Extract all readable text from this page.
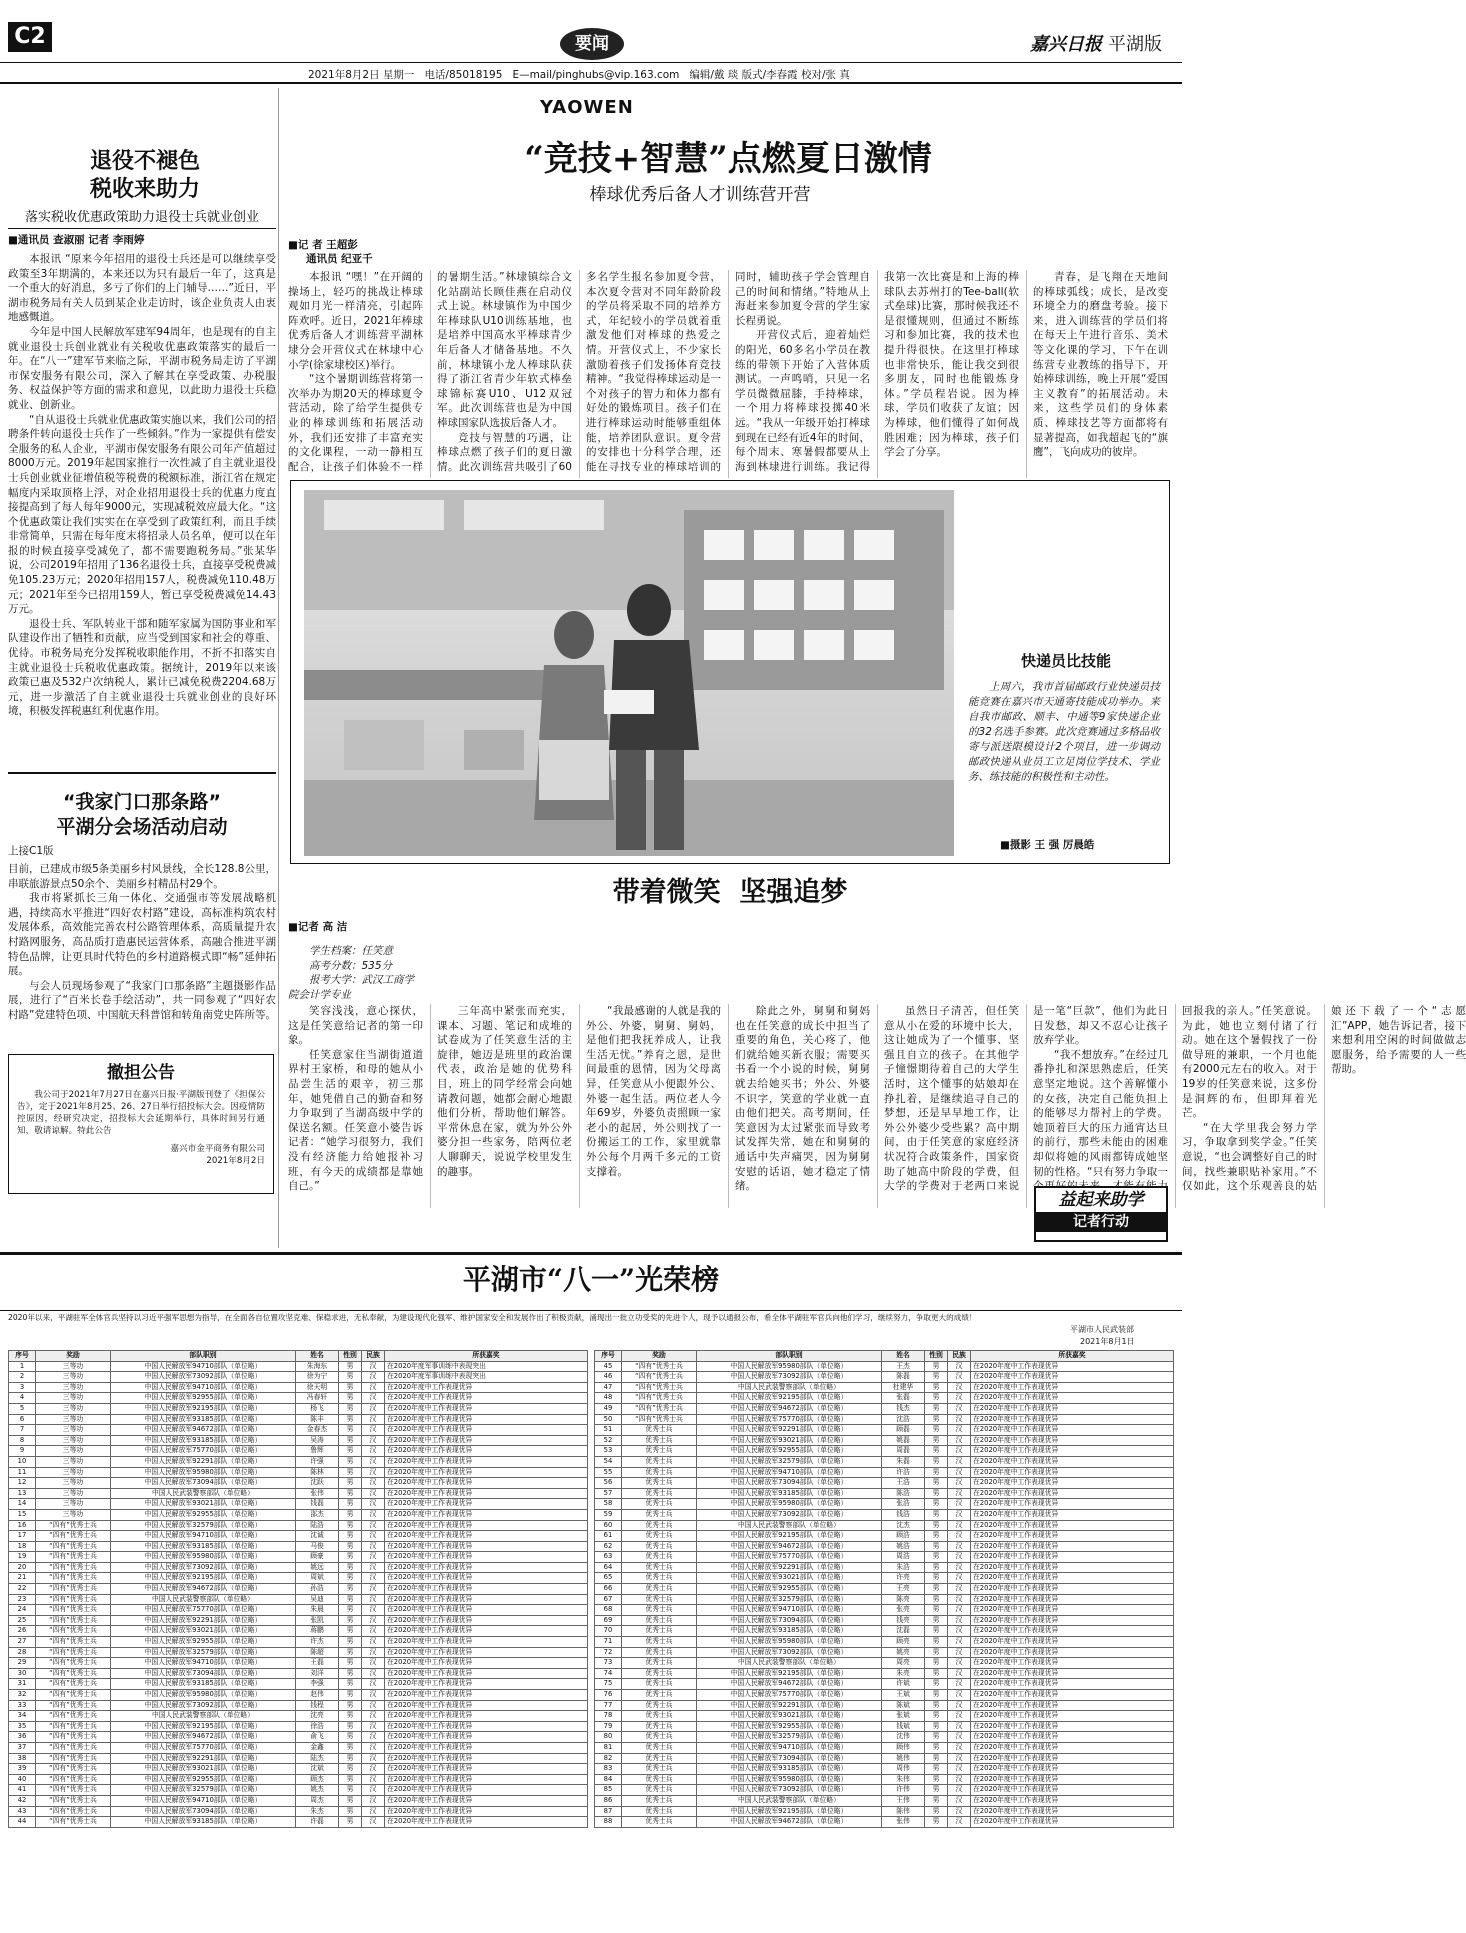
C2	要闻	嘉兴日报 平湖版
2021年8月2日 星期一 电话/85018195 E—mail/pinghubs@vip.163.com 编辑/戴 琰 版式/李春霞 校对/张 真
YAOWEN
退役不褪色
税收来助力
落实税收优惠政策助力退役士兵就业创业
■通讯员 查淑丽 记者 李雨婷

本报讯 “原来今年招用的退役士兵还是可以继续享受政策至3年期满的，本来还以为只有最后一年了，这真是一个重大的好消息，多亏了你们的上门辅导……”近日，平湖市税务局有关人员到某企业走访时，该企业负责人由衷地感慨道。

今年是中国人民解放军建军94周年，也是现有的自主就业退役士兵创业就业有关税收优惠政策落实的最后一年。在“八一”建军节来临之际，平湖市税务局走访了平湖市保安服务有限公司，深入了解其在享受政策、办税服务、权益保护等方面的需求和意见，以此助力退役士兵稳就业、创新业。

“自从退役士兵就业优惠政策实施以来，我们公司的招聘条件转向退役士兵作了一些倾斜。”作为一家提供有偿安全服务的私人企业，平湖市保安服务有限公司年产值超过8000万元。2019年起国家推行一次性减了自主就业退役士兵创业就业征增值税等税费的税额标准，浙江省在规定幅度内采取顶格上浮，对企业招用退役士兵的优惠力度直接提高到了每人每年9000元，实现减税效应最大化。“这个优惠政策让我们实实在在享受到了政策红利，而且手续非常简单，只需在每年度末将招录人员名单，便可以在年报的时候直接享受减免了，都不需要跑税务局。”张某华说，公司2019年招用了136名退役士兵，直接享受税费减免105.23万元；2020年招用157人，税费减免110.48万元；2021年至今已招用159人，暂已享受税费减免14.43万元。

退役士兵、军队转业干部和随军家属为国防事业和军队建设作出了牺牲和贡献，应当受到国家和社会的尊重、优待。市税务局充分发挥税收职能作用，不折不扣落实自主就业退役士兵税收优惠政策。据统计，2019年以来该政策已惠及532户次纳税人，累计已减免税费2204.68万元，进一步激活了自主就业退役士兵就业创业的良好环境，积极发挥税惠红利优惠作用。

“我家门口那条路”
平湖分会场活动启动
上接C1版

目前，已建成市级5条美丽乡村风景线，全长128.8公里，串联旅游景点50余个、美丽乡村精品村29个。

我市将紧抓长三角一体化、交通强市等发展战略机遇，持续高水平推进“四好农村路”建设，高标准构筑农村发展体系，高效能完善农村公路管理体系，高质量提升农村路网服务，高品质打造惠民运营体系，高融合推进平湖特色品牌，让更具时代特色的乡村道路模式即“畅”延伸拓展。

与会人员现场参观了“我家门口那条路”主题摄影作品展，进行了“百米长卷手绘活动”，共一同参观了“四好农村路”党建特色项、中国航天科普馆和转角南党史阵所等。

撤担公告
我公司于2021年7月27日在嘉兴日报·平湖版刊登了《担保公告》，定于2021年8月25、26、27日举行招投标大会。因疫情防控原因，经研究决定，招投标大会延期举行，具体时间另行通知，敬请谅解。特此公告
嘉兴市金平商务有限公司
2021年8月2日
“竞技+智慧”点燃夏日激情
棒球优秀后备人才训练营开营
■记 者 王超彭
通讯员 纪亚千

本报讯 “嘿！”在开阔的操场上，轻巧的挑战让棒球观如月光一样清亮，引起阵阵欢呼。近日，2021年棒球优秀后备人才训练营平湖林埭分会开营仪式在林埭中心小学(徐家埭校区)举行。

“这个暑期训练营将第一次举办为期20天的棒球夏令营活动，除了给学生提供专业的棒球训练和拓展活动外，我们还安排了丰富充实的文化课程，一动一静相互配合，让孩子们体验不一样的暑期生活。”林埭镇综合文化站副站长顾佳燕在启动仪式上说。林埭镇作为中国少年棒球队U10训练基地，也是培养中国高水平棒球青少年后备人才储备基地。不久前，林埭镇小龙人棒球队获得了浙江省青少年软式棒垒球锦标赛U10、U12双冠军。此次训练营也是为中国棒球国家队选拔后备人才。

竞技与智慧的巧遇，让棒球点燃了孩子们的夏日激情。此次训练营共吸引了60多名学生报名参加夏令营，本次夏令营对不同年龄阶段的学员将采取不同的培养方式，年纪较小的学员就着重激发他们对棒球的热爱之情。开营仪式上，不少家长激励着孩子们发扬体育竞技精神。“我觉得棒球运动是一个对孩子的智力和体力都有好处的锻炼项目。孩子们在进行棒球运动时能够重组体能，培养团队意识。夏令营的安排也十分科学合理，还能在寻找专业的棒球培训的同时，辅助孩子学会管理自己的时间和情绪。”特地从上海赶来参加夏令营的学生家长程勇说。

开营仪式后，迎着灿烂的阳光，60多名小学员在教练的带领下开始了入营体质测试。一声鸣哨，只见一名学员微微屈膝，手持棒球，一个用力将棒球投掷40米远。“我从一年级开始打棒球到现在已经有近4年的时间，每个周末、寒暑假都要从上海到林埭进行训练。我记得我第一次比赛是和上海的棒球队去苏州打的Tee-ball(软式垒球)比赛，那时候我还不是很懂规则，但通过不断练习和参加比赛，我的技术也提升得很快。在这里打棒球也非常快乐，能让我交到很多朋友，同时也能锻炼身体。”学员程岩说。因为棒球，学员们收获了友谊；因为棒球，他们懂得了如何战胜困难；因为棒球，孩子们学会了分享。

青春，是飞翔在天地间的棒球弧线；成长，是改变环境全力的磨盘考验。接下来，进入训练营的学员们将在每天上午进行音乐、美术等文化课的学习，下午在训练营专业教练的指导下，开始棒球训练，晚上开展“爱国主义教育”的拓展活动。未来，这些学员们的身体素质、棒球技艺等方面都将有显著提高，如我超起飞的“旗鹰”，飞向成功的彼岸。

快递员比技能
上周六，我市首届邮政行业快递员技能竞赛在嘉兴市天通寄技能成功举办。来自我市邮政、顺丰、中通等9家快递企业的32名选手参赛。此次竞赛通过多格品收寄与派送限模设计2个项目，进一步调动邮政快递从业员工立足岗位学技术、学业务、练技能的积极性和主动性。
■摄影 王 强 厉晨皓
带着微笑  坚强追梦
■记者 高 洁
学生档案：任笑意
高考分数：535分
报考大学：武汉工商学院会计学专业

笑容浅浅，意心探伏，这是任笑意给记者的第一印象。

任笑意家住当湖街道道界村王家桥，和母的她从小品尝生活的艰辛，初三那年，她凭借自己的勤奋和努力争取到了当湖高级中学的保送名额。任笑意小婆告诉记者：“她学习很努力，我们没有经济能力给她报补习班，有今天的成绩都是靠她自己。”

三年高中紧张而充实，课本、习题、笔记和成堆的试卷成为了任笑意生活的主旋律，她迈是班里的政治课代表，政治是她的优势科目，班上的同学经常会向她请教问题，她都会耐心地跟他们分析，帮助他们解答。平常休息在家，就为外公外婆分担一些家务，陪两位老人聊聊天，说说学校里发生的趣事。

“我最感谢的人就是我的外公、外婆，舅舅、舅妈，是他们把我抚养成人，让我生活无忧。”养育之恩，是世间最重的恩情，因为父母离异，任笑意从小便跟外公、外婆一起生活。两位老人今年69岁，外婆负责照顾一家老小的起居，外公则找了一份搬运工的工作，家里就靠外公每个月两千多元的工资支撑着。

除此之外，舅舅和舅妈也在任笑意的成长中担当了重要的角色，关心疼了，他们就给她买新衣服；需要买书看一个小说的时候，舅舅就去给她买书；外公、外婆不识字，笑意的学业就一直由他们把关。高考期间，任笑意因为太过紧张而导致考试发挥失常，她在和舅舅的通话中失声痛哭，因为舅舅安慰的话语，她才稳定了情绪。

虽然日子清苦，但任笑意从小在爱的环境中长大，这让她成为了一个懂事、坚强且自立的孩子。在其他学子憧憬期待着自己的大学生活时，这个懂事的姑娘却在挣扎着，是继续追寻自己的梦想，还是早早地工作，让外公外婆少受些累？高中期间，由于任笑意的家庭经济状况符合政策条件，国家资助了她高中阶段的学费，但大学的学费对于老两口来说是一笔“巨款”，他们为此日日发愁，却又不忍心让孩子放弃学业。

“我不想放弃。”在经过几番挣扎和深思熟虑后，任笑意坚定地说。这个善解懂小的女孩，决定自己能负担上的能够尽力帮衬上的学费。她顶着巨大的压力通宵达旦的前行，那些未能由的困难却似将她的风雨都铸成她坚韧的性格。“只有努力争取一 回报我的亲人。”任笑意说。为此，她也立刻付诸了行动。她在这个暑假找了一份做导班的兼职，一个月也能有2000元左右的收入。对于19岁的任笑意来说，这多份是洞辉的布，但即拜着光芒。

“在大学里我会努力学习，争取拿到奖学金。”任笑意说，“也会调整好自己的时间，找些兼职贴补家用。”不仅如此，这个乐观善良的姑娘还下载了一个“志愿汇”APP，她告诉记者，接下来想利用空闲的时间做做志愿服务，给予需要的人一些帮助。

益起来助学
记者行动
平湖市“八一”光荣榜
2020年以来，平湖驻军全体官兵坚持以习近平强军思想为指导，在全面各自位置攻坚克难、保稳求进，无私奉献，为建设现代化强军、维护国家安全和发展作出了积极贡献，涌现出一批立功受奖的先进个人，现予以通报公布，希全体平湖驻军官兵向他们学习，继续努力，争取更大的成绩！
平湖市人民武装部
2021年8月1日
序号	奖励	部队职别	姓名	性别	民族	所获嘉奖
1	三等功	中国人民解放军94710部队（单位略）	朱海东	男	汉	在2020年度军事训练中表现突出
2	三等功	中国人民解放军73092部队（单位略）	徐为宁	男	汉	在2020年度军事训练中表现突出
3	三等功	中国人民解放军94710部队（单位略）	徐天明	男	汉	在2020年度中工作表现优异
4	三等功	中国人民解放军92955部队（单位略）	冯春轩	男	汉	在2020年度中工作表现优异
5	三等功	中国人民解放军92195部队（单位略）	杨飞	男	汉	在2020年度中工作表现优异
6	三等功	中国人民解放军93185部队（单位略）	陈丰	男	汉	在2020年度中工作表现优异
7	三等功	中国人民解放军94672部队（单位略）	金春杰	男	汉	在2020年度中工作表现优异
8	三等功	中国人民解放军93185部队（单位略）	吴涛	男	汉	在2020年度中工作表现优异
9	三等功	中国人民解放军75770部队（单位略）	鲁辉	男	汉	在2020年度中工作表现优异
10	三等功	中国人民解放军92291部队（单位略）	许强	男	汉	在2020年度中工作表现优异
11	三等功	中国人民解放军95980部队（单位略）	陈林	男	汉	在2020年度中工作表现优异
12	三等功	中国人民解放军73094部队（单位略）	沈跃	男	汉	在2020年度中工作表现优异
13	三等功	中国人民武装警察部队（单位略）	张伟	男	汉	在2020年度中工作表现优异
14	三等功	中国人民解放军93021部队（单位略）	钱磊	男	汉	在2020年度中工作表现优异
15	三等功	中国人民解放军92955部队（单位略）	邵杰	男	汉	在2020年度中工作表现优异
16	“四有”优秀士兵	中国人民解放军32579部队（单位略）	陆浩	男	汉	在2020年度中工作表现优异
17	“四有”优秀士兵	中国人民解放军94710部队（单位略）	沈诚	男	汉	在2020年度中工作表现优异
18	“四有”优秀士兵	中国人民解放军93185部队（单位略）	马俊	男	汉	在2020年度中工作表现优异
19	“四有”优秀士兵	中国人民解放军95980部队（单位略）	顾豪	男	汉	在2020年度中工作表现优异
20	“四有”优秀士兵	中国人民解放军73092部队（单位略）	姚远	男	汉	在2020年度中工作表现优异
21	“四有”优秀士兵	中国人民解放军92195部队（单位略）	周斌	男	汉	在2020年度中工作表现优异
22	“四有”优秀士兵	中国人民解放军94672部队（单位略）	孙浩	男	汉	在2020年度中工作表现优异
23	“四有”优秀士兵	中国人民武装警察部队（单位略）	吴迪	男	汉	在2020年度中工作表现优异
24	“四有”优秀士兵	中国人民解放军75770部队（单位略）	朱晨	男	汉	在2020年度中工作表现优异
25	“四有”优秀士兵	中国人民解放军92291部队（单位略）	张凯	男	汉	在2020年度中工作表现优异
26	“四有”优秀士兵	中国人民解放军93021部队（单位略）	蒋鹏	男	汉	在2020年度中工作表现优异
27	“四有”优秀士兵	中国人民解放军92955部队（单位略）	许杰	男	汉	在2020年度中工作表现优异
28	“四有”优秀士兵	中国人民解放军32579部队（单位略）	陈超	男	汉	在2020年度中工作表现优异
29	“四有”优秀士兵	中国人民解放军94710部队（单位略）	王磊	男	汉	在2020年度中工作表现优异
30	“四有”优秀士兵	中国人民解放军73094部队（单位略）	刘洋	男	汉	在2020年度中工作表现优异
31	“四有”优秀士兵	中国人民解放军93185部队（单位略）	李强	男	汉	在2020年度中工作表现优异
32	“四有”优秀士兵	中国人民解放军95980部队（单位略）	赵伟	男	汉	在2020年度中工作表现优异
33	“四有”优秀士兵	中国人民解放军73092部队（单位略）	钱程	男	汉	在2020年度中工作表现优异
34	“四有”优秀士兵	中国人民武装警察部队（单位略）	沈亮	男	汉	在2020年度中工作表现优异
35	“四有”优秀士兵	中国人民解放军92195部队（单位略）	徐浩	男	汉	在2020年度中工作表现优异
36	“四有”优秀士兵	中国人民解放军94672部队（单位略）	俞飞	男	汉	在2020年度中工作表现优异
37	“四有”优秀士兵	中国人民解放军75770部队（单位略）	金鑫	男	汉	在2020年度中工作表现优异
38	“四有”优秀士兵	中国人民解放军92291部队（单位略）	陆杰	男	汉	在2020年度中工作表现优异
39	“四有”优秀士兵	中国人民解放军93021部队（单位略）	沈斌	男	汉	在2020年度中工作表现优异
40	“四有”优秀士兵	中国人民解放军92955部队（单位略）	顾杰	男	汉	在2020年度中工作表现优异
41	“四有”优秀士兵	中国人民解放军32579部队（单位略）	姚杰	男	汉	在2020年度中工作表现优异
42	“四有”优秀士兵	中国人民解放军94710部队（单位略）	周杰	男	汉	在2020年度中工作表现优异
43	“四有”优秀士兵	中国人民解放军73094部队（单位略）	朱杰	男	汉	在2020年度中工作表现优异
44	“四有”优秀士兵	中国人民解放军93185部队（单位略）	许磊	男	汉	在2020年度中工作表现优异
序号	奖励	部队职别	姓名	性别	民族	所获嘉奖
45	“四有”优秀士兵	中国人民解放军95980部队（单位略）	王杰	男	汉	在2020年度中工作表现优异
46	“四有”优秀士兵	中国人民解放军73092部队（单位略）	陈磊	男	汉	在2020年度中工作表现优异
47	“四有”优秀士兵	中国人民武装警察部队（单位略）	杜建华	男	汉	在2020年度中工作表现优异
48	“四有”优秀士兵	中国人民解放军92195部队（单位略）	张磊	男	汉	在2020年度中工作表现优异
49	“四有”优秀士兵	中国人民解放军94672部队（单位略）	钱杰	男	汉	在2020年度中工作表现优异
50	“四有”优秀士兵	中国人民解放军75770部队（单位略）	沈浩	男	汉	在2020年度中工作表现优异
51	优秀士兵	中国人民解放军92291部队（单位略）	顾磊	男	汉	在2020年度中工作表现优异
52	优秀士兵	中国人民解放军93021部队（单位略）	姚磊	男	汉	在2020年度中工作表现优异
53	优秀士兵	中国人民解放军92955部队（单位略）	周磊	男	汉	在2020年度中工作表现优异
54	优秀士兵	中国人民解放军32579部队（单位略）	朱磊	男	汉	在2020年度中工作表现优异
55	优秀士兵	中国人民解放军94710部队（单位略）	许浩	男	汉	在2020年度中工作表现优异
56	优秀士兵	中国人民解放军73094部队（单位略）	王浩	男	汉	在2020年度中工作表现优异
57	优秀士兵	中国人民解放军93185部队（单位略）	陈浩	男	汉	在2020年度中工作表现优异
58	优秀士兵	中国人民解放军95980部队（单位略）	张浩	男	汉	在2020年度中工作表现优异
59	优秀士兵	中国人民解放军73092部队（单位略）	钱浩	男	汉	在2020年度中工作表现优异
60	优秀士兵	中国人民武装警察部队（单位略）	沈杰	男	汉	在2020年度中工作表现优异
61	优秀士兵	中国人民解放军92195部队（单位略）	顾浩	男	汉	在2020年度中工作表现优异
62	优秀士兵	中国人民解放军94672部队（单位略）	姚浩	男	汉	在2020年度中工作表现优异
63	优秀士兵	中国人民解放军75770部队（单位略）	周浩	男	汉	在2020年度中工作表现优异
64	优秀士兵	中国人民解放军92291部队（单位略）	朱浩	男	汉	在2020年度中工作表现优异
65	优秀士兵	中国人民解放军93021部队（单位略）	许亮	男	汉	在2020年度中工作表现优异
66	优秀士兵	中国人民解放军92955部队（单位略）	王亮	男	汉	在2020年度中工作表现优异
67	优秀士兵	中国人民解放军32579部队（单位略）	陈亮	男	汉	在2020年度中工作表现优异
68	优秀士兵	中国人民解放军94710部队（单位略）	张亮	男	汉	在2020年度中工作表现优异
69	优秀士兵	中国人民解放军73094部队（单位略）	钱亮	男	汉	在2020年度中工作表现优异
70	优秀士兵	中国人民解放军93185部队（单位略）	沈磊	男	汉	在2020年度中工作表现优异
71	优秀士兵	中国人民解放军95980部队（单位略）	顾亮	男	汉	在2020年度中工作表现优异
72	优秀士兵	中国人民解放军73092部队（单位略）	姚亮	男	汉	在2020年度中工作表现优异
73	优秀士兵	中国人民武装警察部队（单位略）	周亮	男	汉	在2020年度中工作表现优异
74	优秀士兵	中国人民解放军92195部队（单位略）	朱亮	男	汉	在2020年度中工作表现优异
75	优秀士兵	中国人民解放军94672部队（单位略）	许斌	男	汉	在2020年度中工作表现优异
76	优秀士兵	中国人民解放军75770部队（单位略）	王斌	男	汉	在2020年度中工作表现优异
77	优秀士兵	中国人民解放军92291部队（单位略）	陈斌	男	汉	在2020年度中工作表现优异
78	优秀士兵	中国人民解放军93021部队（单位略）	张斌	男	汉	在2020年度中工作表现优异
79	优秀士兵	中国人民解放军92955部队（单位略）	钱斌	男	汉	在2020年度中工作表现优异
80	优秀士兵	中国人民解放军32579部队（单位略）	沈伟	男	汉	在2020年度中工作表现优异
81	优秀士兵	中国人民解放军94710部队（单位略）	顾伟	男	汉	在2020年度中工作表现优异
82	优秀士兵	中国人民解放军73094部队（单位略）	姚伟	男	汉	在2020年度中工作表现优异
83	优秀士兵	中国人民解放军93185部队（单位略）	周伟	男	汉	在2020年度中工作表现优异
84	优秀士兵	中国人民解放军95980部队（单位略）	朱伟	男	汉	在2020年度中工作表现优异
85	优秀士兵	中国人民解放军73092部队（单位略）	许伟	男	汉	在2020年度中工作表现优异
86	优秀士兵	中国人民武装警察部队（单位略）	王伟	男	汉	在2020年度中工作表现优异
87	优秀士兵	中国人民解放军92195部队（单位略）	陈伟	男	汉	在2020年度中工作表现优异
88	优秀士兵	中国人民解放军94672部队（单位略）	张伟	男	汉	在2020年度中工作表现优异
